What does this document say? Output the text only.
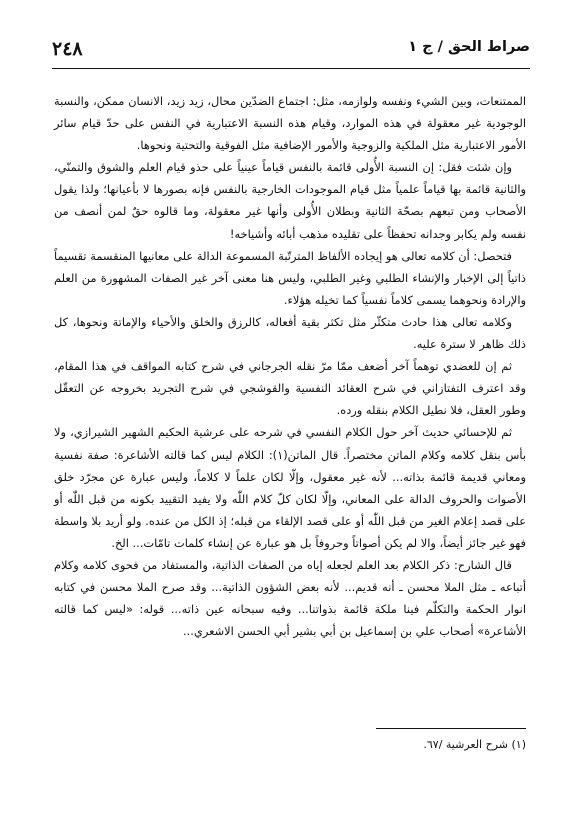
٢٤٨	صراط الحق / ج ١

الممتنعات، وبين الشيء ونفسه ولوازمه، مثل: اجتماع الضدّين محال، زيد زيد، الانسان ممكن، والنسبة الوجودية غير معقولة في هذه الموارد، وقيام هذه النسبة الاعتبارية في النفس على حدّ قيام سائر الأمور الاعتبارية مثل الملكية والزوجية والأمور الإضافية مثل الفوقية والتحتية ونحوها.

وإن شئت فقل: إن النسبة الأُولى قائمة بالنفس قياماً عينياً على حذو قيام العلم والشوق والتمنّي، والثانية قائمة بها قياماً علمياً مثل قيام الموجودات الخارجية بالنفس فإنه بصورها لا بأعيانها؛ ولذا يقول الأصحاب ومن تبعهم بصحّة الثانية وبطلان الأُولى وأنها غير معقولة، وما قالوه حقٌ لمن أنصف من نفسه ولم يكابر وجدانه تحفظاً على تقليده مذهب أبائه وأشياخه!

فتحصل: أن كلامه تعالى هو إيجاده الألفاظ المترتّبة المسموعة الدالة على معانيها المنقسمة تقسيماً ذاتياً إلى الإخبار والإنشاء الطلبي وغير الطلبي، وليس هنا معنى آخر غير الصفات المشهورة من العلم والإرادة ونحوهما يسمى كلاماً نفسياً كما تخيله هؤلاء.

وكلامه تعالى هذا حادث متكثّر مثل تكثر بقية أفعاله، كالرزق والخلق والأحياء والإماتة ونحوها، كل ذلك ظاهر لا سترة عليه.

ثم إن للعضدي توهماً آخر أضعف ممّا مرّ نقله الجرجاني في شرح كتابه المواقف في هذا المقام، وقد اعترف التفتازاني في شرح العقائد النفسية والقوشجي في شرح التجريد بخروجه عن التعقّل وطور العقل، فلا نطيل الكلام بنقله ورده.

ثم للإحسائي حديث آخر حول الكلام النفسي في شرحه على عرشية الحكيم الشهير الشيرازي، ولا بأس بنقل كلامه وكلام الماتن مختصراً. قال الماتن(١): الكلام ليس كما قالته الأشاعرة: صفة نفسية ومعاني قديمة قائمة بذاته... لأنه غير معقول، وإلّا لكان علماً لا كلاماً، وليس عبارة عن مجرّد خلق الأصوات والحروف الدالة على المعاني، وإلّا لكان كلّ كلام اللّٰه ولا يفيد التقييد بكونه من قبل اللّٰه أو على قصد إعلام الغير من قبل اللّٰه أو على قصد الإلقاء من قبله؛ إذ الكل من عنده. ولو أريد بلا واسطة فهو غير جائز أيضاً، والا لم يكن أصواتاً وحروفاً بل هو عبارة عن إنشاء كلمات تامّات... الخ.

قال الشارح: ذكر الكلام بعد العلم لجعله إياه من الصفات الذاتية، والمستفاد من فحوى كلامه وكلام أتباعه ـ مثل الملا محسن ـ أنه قديم... لأنه بعض الشؤون الذاتية... وقد صرح الملا محسن في كتابه انوار الحكمة والتكلّم فينا ملكة قائمة بذواتنا... وفيه سبحانه عين ذاته... قوله: «ليس كما قالته الأشاعرة» أصحاب علي بن إسماعيل بن أبي بشير أبي الحسن الاشعري...

(١) شرح العرشية /٦٧.
